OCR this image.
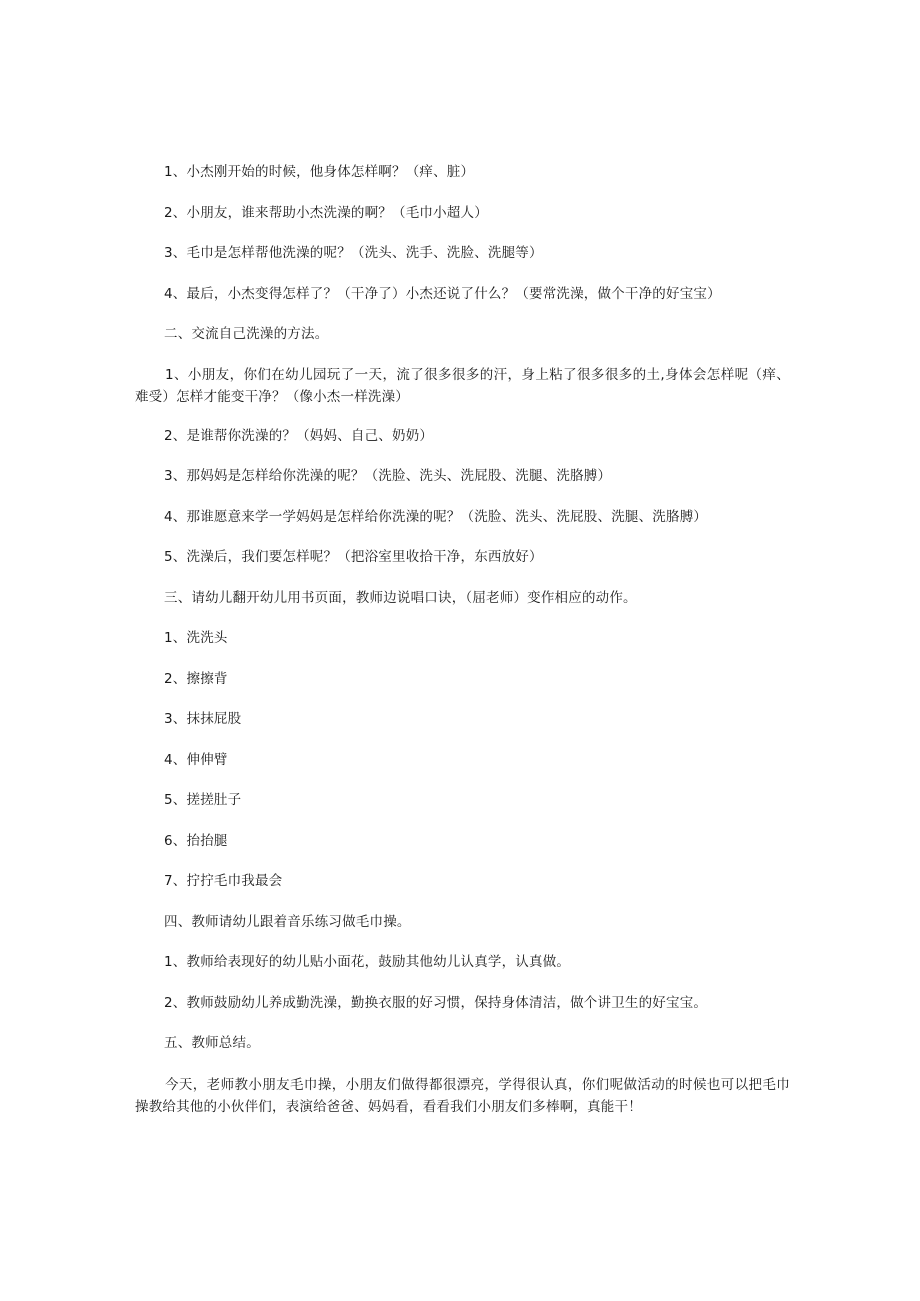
1、小杰刚开始的时候，他身体怎样啊？（痒、脏）
2、小朋友，谁来帮助小杰洗澡的啊？（毛巾小超人）
3、毛巾是怎样帮他洗澡的呢？（洗头、洗手、洗脸、洗腿等）
4、最后，小杰变得怎样了？（干净了）小杰还说了什么？（要常洗澡，做个干净的好宝宝）
二、交流自己洗澡的方法。
1、小朋友，你们在幼儿园玩了一天，流了很多很多的汗，身上粘了很多很多的土,身体会怎样呢（痒、难受）怎样才能变干净？（像小杰一样洗澡）
2、是谁帮你洗澡的？（妈妈、自己、奶奶）
3、那妈妈是怎样给你洗澡的呢？（洗脸、洗头、洗屁股、洗腿、洗胳膊）
4、那谁愿意来学一学妈妈是怎样给你洗澡的呢？（洗脸、洗头、洗屁股、洗腿、洗胳膊）
5、洗澡后，我们要怎样呢？（把浴室里收拾干净，东西放好）
三、请幼儿翻开幼儿用书页面，教师边说唱口诀，（屈老师）变作相应的动作。
1、洗洗头
2、擦擦背
3、抹抹屁股
4、伸伸臂
5、搓搓肚子
6、抬抬腿
7、拧拧毛巾我最会
四、教师请幼儿跟着音乐练习做毛巾操。
1、教师给表现好的幼儿贴小面花，鼓励其他幼儿认真学，认真做。
2、教师鼓励幼儿养成勤洗澡，勤换衣服的好习惯，保持身体清洁，做个讲卫生的好宝宝。
五、教师总结。
今天，老师教小朋友毛巾操，小朋友们做得都很漂亮，学得很认真，你们呢做活动的时候也可以把毛巾操教给其他的小伙伴们，表演给爸爸、妈妈看，看看我们小朋友们多棒啊，真能干！
